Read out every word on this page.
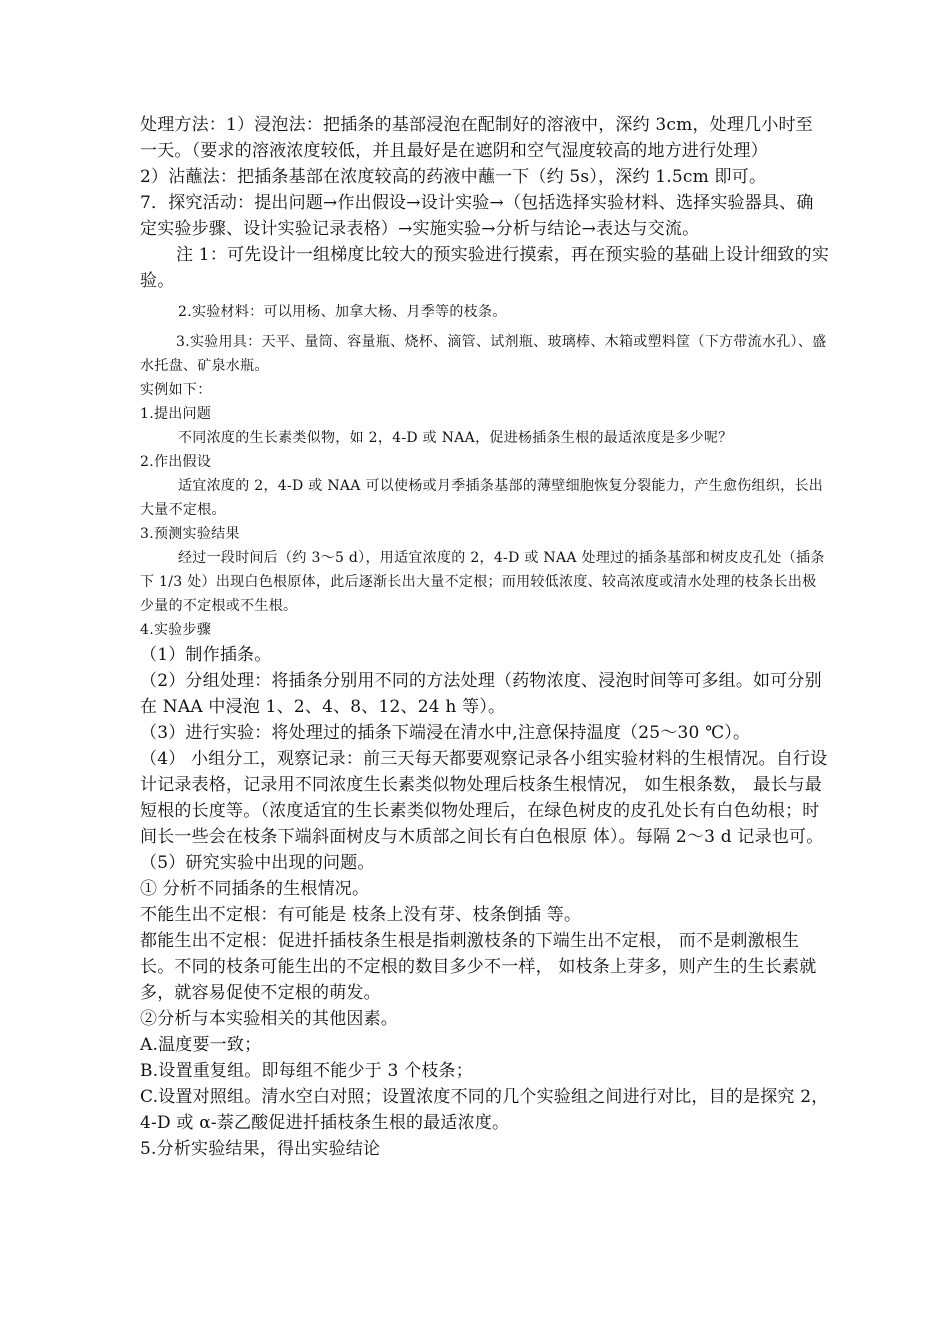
处理方法：1）浸泡法：把插条的基部浸泡在配制好的溶液中，深约 3cm，处理几小时至一天。（要求的溶液浓度较低，并且最好是在遮阴和空气湿度较高的地方进行处理）

2）沾蘸法：把插条基部在浓度较高的药液中蘸一下（约 5s），深约 1.5cm 即可。

7．探究活动：提出问题→作出假设→设计实验→（包括选择实验材料、选择实验器具、确定实验步骤、设计实验记录表格）→实施实验→分析与结论→表达与交流。

注 1：可先设计一组梯度比较大的预实验进行摸索，再在预实验的基础上设计细致的实验。

2.实验材料：可以用杨、加拿大杨、月季等的枝条。

3.实验用具：天平、量筒、容量瓶、烧杯、滴管、试剂瓶、玻璃棒、木箱或塑料筐（下方带流水孔）、盛水托盘、矿泉水瓶。

实例如下：

1.提出问题

不同浓度的生长素类似物，如 2，4-D 或 NAA，促进杨插条生根的最适浓度是多少呢？

2.作出假设

适宜浓度的 2，4-D 或 NAA 可以使杨或月季插条基部的薄壁细胞恢复分裂能力，产生愈伤组织，长出大量不定根。

3.预测实验结果

经过一段时间后（约 3～5 d），用适宜浓度的 2，4-D 或 NAA 处理过的插条基部和树皮皮孔处（插条下 1/3 处）出现白色根原体，此后逐渐长出大量不定根；而用较低浓度、较高浓度或清水处理的枝条长出极少量的不定根或不生根。

4.实验步骤

（1）制作插条。

（2）分组处理：将插条分别用不同的方法处理（药物浓度、浸泡时间等可多组。如可分别在 NAA 中浸泡 1、2、4、8、12、24 h 等）。

（3）进行实验：将处理过的插条下端浸在清水中,注意保持温度（25～30 ℃）。

（4） 小组分工，观察记录：前三天每天都要观察记录各小组实验材料的生根情况。自行设计记录表格，记录用不同浓度生长素类似物处理后枝条生根情况， 如生根条数， 最长与最短根的长度等。（浓度适宜的生长素类似物处理后，在绿色树皮的皮孔处长有白色幼根；时间长一些会在枝条下端斜面树皮与木质部之间长有白色根原 体）。每隔 2～3 d 记录也可。

（5）研究实验中出现的问题。

① 分析不同插条的生根情况。

不能生出不定根：有可能是 枝条上没有芽、枝条倒插 等。

都能生出不定根：促进扦插枝条生根是指刺激枝条的下端生出不定根， 而不是刺激根生长。不同的枝条可能生出的不定根的数目多少不一样， 如枝条上芽多，则产生的生长素就多，就容易促使不定根的萌发。

②分析与本实验相关的其他因素。

A.温度要一致；

B.设置重复组。即每组不能少于 3 个枝条；

C.设置对照组。清水空白对照；设置浓度不同的几个实验组之间进行对比，目的是探究 2，4-D 或 α-萘乙酸促进扦插枝条生根的最适浓度。

5.分析实验结果，得出实验结论
